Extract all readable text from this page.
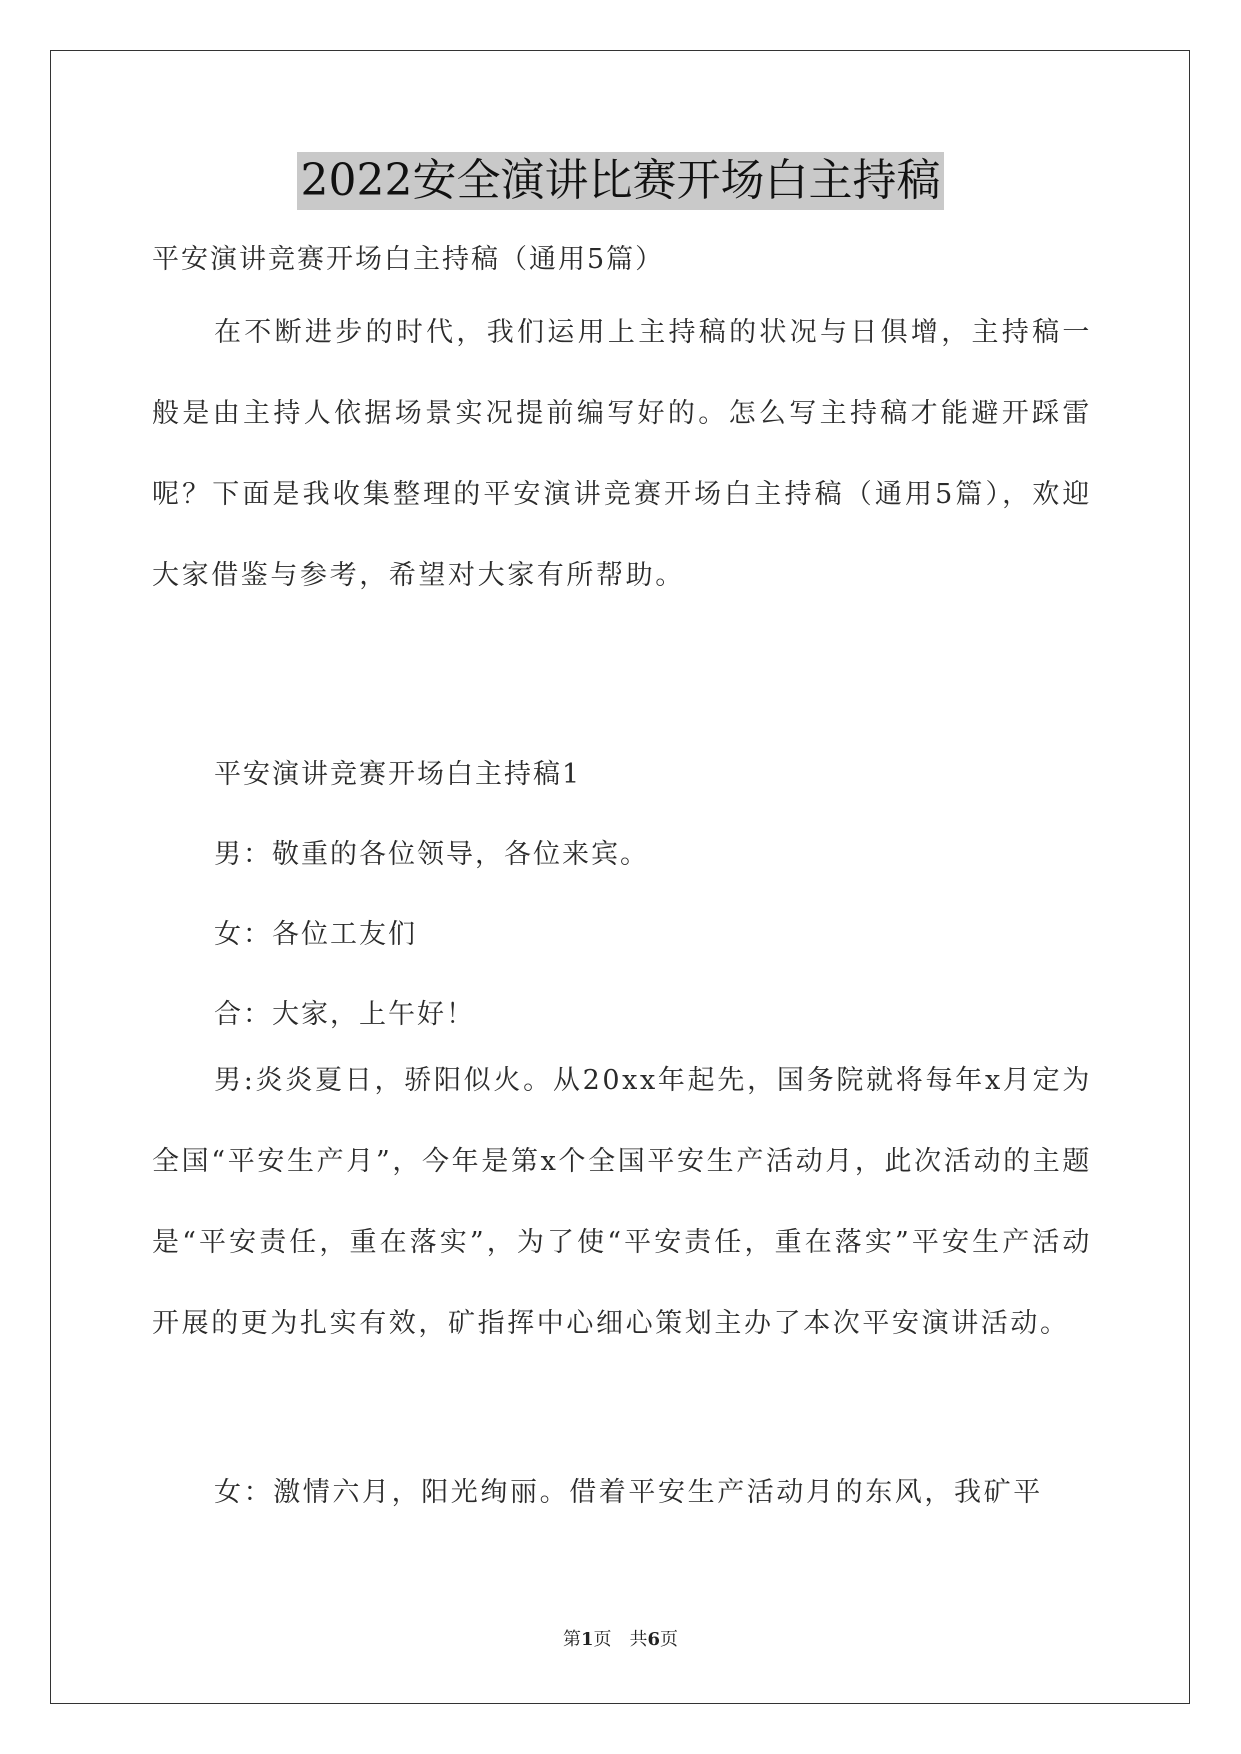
2022安全演讲比赛开场白主持稿

平安演讲竞赛开场白主持稿（通用5篇）

在不断进步的时代，我们运用上主持稿的状况与日俱增，主持稿一般是由主持人依据场景实况提前编写好的。怎么写主持稿才能避开踩雷呢？下面是我收集整理的平安演讲竞赛开场白主持稿（通用5篇），欢迎大家借鉴与参考，希望对大家有所帮助。

平安演讲竞赛开场白主持稿1

男：敬重的各位领导，各位来宾。

女：各位工友们

合：大家，上午好！

男:炎炎夏日，骄阳似火。从20xx年起先，国务院就将每年x月定为全国“平安生产月”，今年是第x个全国平安生产活动月，此次活动的主题是“平安责任，重在落实”，为了使“平安责任，重在落实”平安生产活动开展的更为扎实有效，矿指挥中心细心策划主办了本次平安演讲活动。

女：激情六月，阳光绚丽。借着平安生产活动月的东风，我矿平

第1页　共6页
